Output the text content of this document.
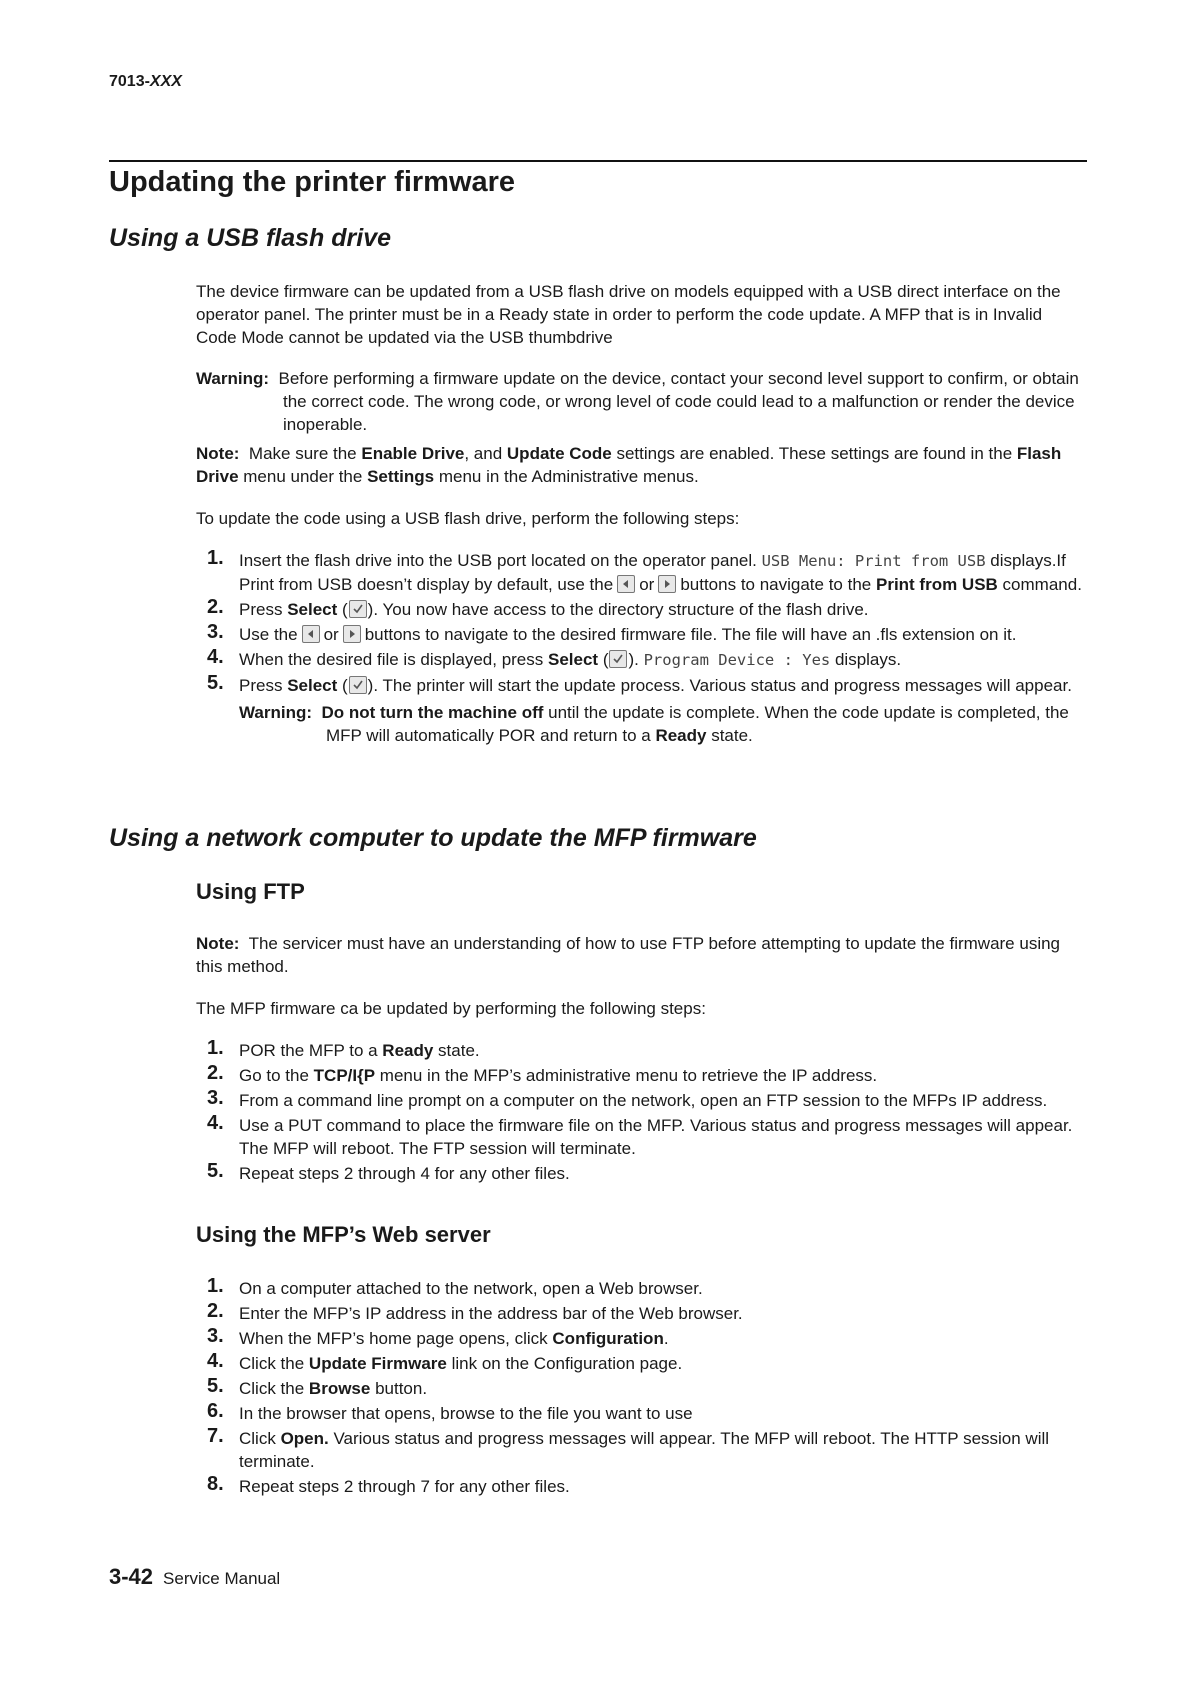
7013-XXX
Updating the printer firmware
Using a USB flash drive

The device firmware can be updated from a USB flash drive on models equipped with a USB direct interface on the operator panel. The printer must be in a Ready state in order to perform the code update. A MFP that is in Invalid Code Mode cannot be updated via the USB thumbdrive

Warning: Before performing a firmware update on the device, contact your second level support to confirm, or obtain the correct code. The wrong code, or wrong level of code could lead to a malfunction or render the device inoperable.

Note: Make sure the Enable Drive, and Update Code settings are enabled. These settings are found in the Flash Drive menu under the Settings menu in the Administrative menus.

To update the code using a USB flash drive, perform the following steps:

1. Insert the flash drive into the USB port located on the operator panel. USB Menu: Print from USB displays.If Print from USB doesn’t display by default, use the or buttons to navigate to the Print from USB command.
2. Press Select ( ). You now have access to the directory structure of the flash drive.
3. Use the or buttons to navigate to the desired firmware file. The file will have an .fls extension on it.
4. When the desired file is displayed, press Select ( ). Program Device : Yes displays.
5. Press Select ( ). The printer will start the update process. Various status and progress messages will appear.

Warning: Do not turn the machine off until the update is complete. When the code update is completed, the MFP will automatically POR and return to a Ready state.

Using a network computer to update the MFP firmware
Using FTP

Note: The servicer must have an understanding of how to use FTP before attempting to update the firmware using this method.

The MFP firmware ca be updated by performing the following steps:

1. POR the MFP to a Ready state.
2. Go to the TCP/I{P menu in the MFP’s administrative menu to retrieve the IP address.
3. From a command line prompt on a computer on the network, open an FTP session to the MFPs IP address.
4. Use a PUT command to place the firmware file on the MFP. Various status and progress messages will appear. The MFP will reboot. The FTP session will terminate.
5. Repeat steps 2 through 4 for any other files.
Using the MFP’s Web server
1. On a computer attached to the network, open a Web browser.
2. Enter the MFP’s IP address in the address bar of the Web browser.
3. When the MFP’s home page opens, click Configuration.
4. Click the Update Firmware link on the Configuration page.
5. Click the Browse button.
6. In the browser that opens, browse to the file you want to use
7. Click Open. Various status and progress messages will appear. The MFP will reboot. The HTTP session will terminate.
8. Repeat steps 2 through 7 for any other files.
3-42 Service Manual
